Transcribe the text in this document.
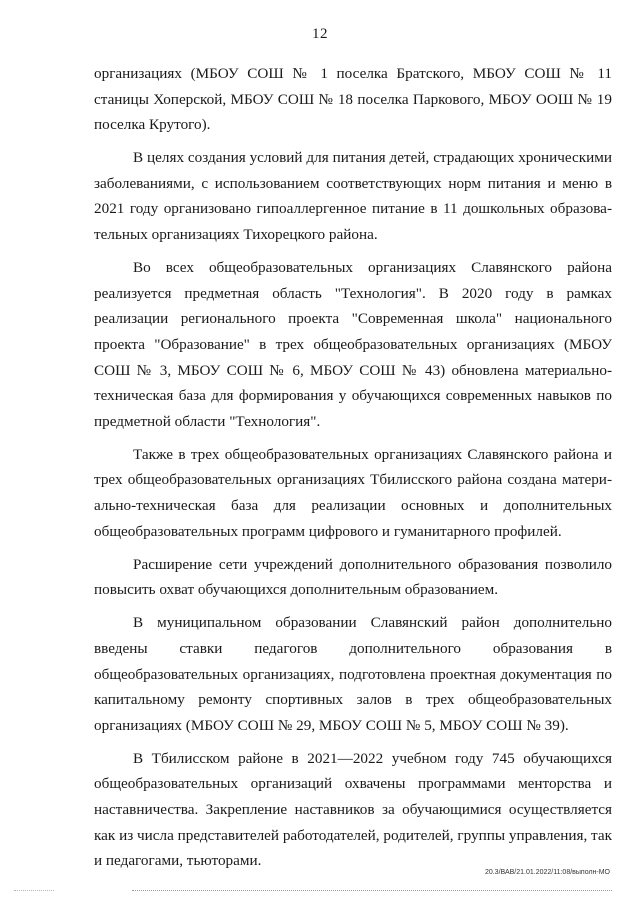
12

организациях (МБОУ СОШ № 1 поселка Братского, МБОУ СОШ № 11 станицы Хоперской, МБОУ СОШ № 18 поселка Паркового, МБОУ ООШ № 19 поселка Крутого).

В целях создания условий для питания детей, страдающих хроническими заболеваниями, с использованием соответствующих норм питания и меню в 2021 году организовано гипоаллергенное питание в 11 дошкольных образовательных организациях Тихорецкого района.

Во всех общеобразовательных организациях Славянского района реализуется предметная область "Технология". В 2020 году в рамках реализации регионального проекта "Современная школа" национального проекта "Образование" в трех общеобразовательных организациях (МБОУ СОШ № 3, МБОУ СОШ № 6, МБОУ СОШ № 43) обновлена материально-техническая база для формирования у обучающихся современных навыков по предметной области "Технология".

Также в трех общеобразовательных организациях Славянского района и трех общеобразовательных организациях Тбилисского района создана материально-техническая база для реализации основных и дополнительных общеобразовательных программ цифрового и гуманитарного профилей.

Расширение сети учреждений дополнительного образования позволило повысить охват обучающихся дополнительным образованием.

В муниципальном образовании Славянский район дополнительно введены ставки педагогов дополнительного образования в общеобразовательных организациях, подготовлена проектная документация по капитальному ремонту спортивных залов в трех общеобразовательных организациях (МБОУ СОШ № 29, МБОУ СОШ № 5, МБОУ СОШ № 39).

В Тбилисском районе в 2021—2022 учебном году 745 обучающихся общеобразовательных организаций охвачены программами менторства и наставничества. Закрепление наставников за обучающимися осуществляется как из числа представителей работодателей, родителей, группы управления, так и педагогами, тьюторами.

20.3/ВАВ/21.01.2022/11:08/выполн-МО
